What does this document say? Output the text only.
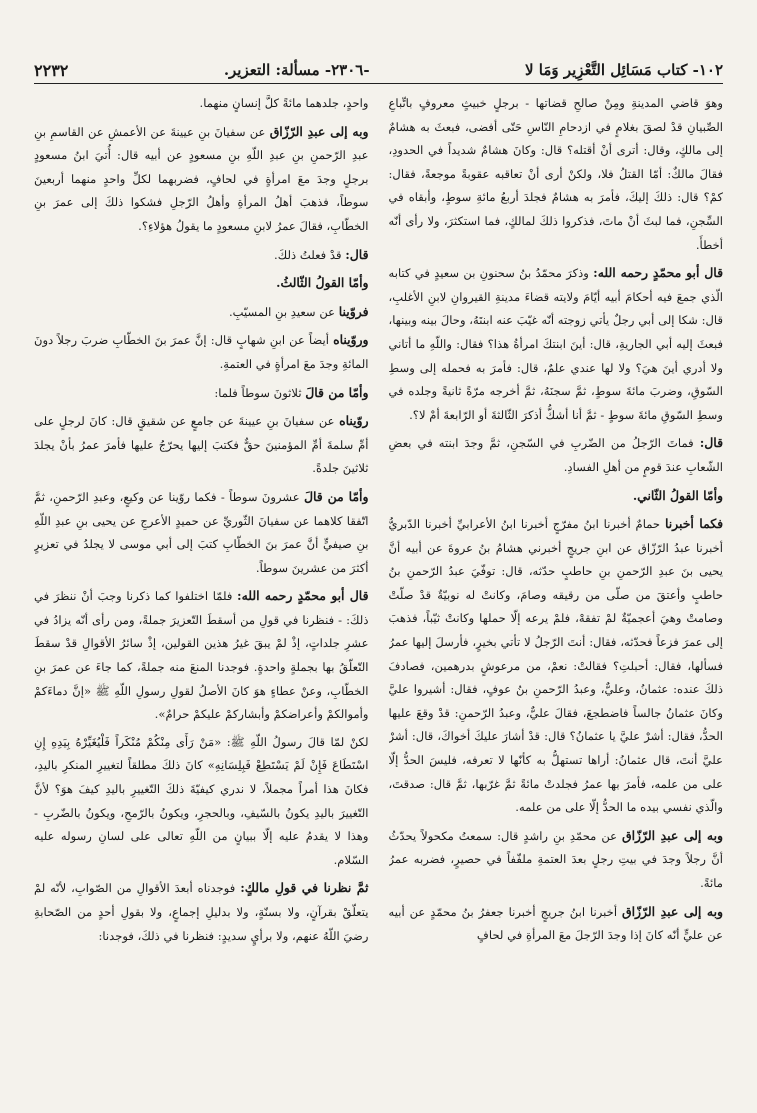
١٠٢- كتاب مَسَائِل التَّعْزِير وَمَا لا
-٢٣٠٦- مسألة: التعزير.
٢٢٣٢

وهوَ قاضي المدينةِ ومِنْ صالحِ قضاتها - برجلٍ خبيثٍ معروفٍ باتِّباعِ الصِّبيانِ قدْ لصقَ بغلامٍ في ازدحامِ النّاسِ حَتّى أفضى، فبعثَ به هشامٌ إلى مالكٍ، وقال: أترى أنْ أقتله؟ قال: وكانَ هشامٌ شديداً في الحدودِ، فقالَ مالكٌ: أمّا القتلُ فلا، ولكنْ أرى أنْ تعاقبه عقوبةً موجعةً، فقال: كمْ؟ قال: ذلكَ إليكَ، فأمرَ به هشامٌ فجلدَ أربعُ مائةِ سوطٍ، وأبقاه في السِّجنِ، فما لبثَ أنْ ماتَ، فذكروا ذلكَ لمالكٍ، فما استكثرَ، ولا رأى أنّه أخطأَ.

قال أبو محمّدٍ رحمه الله: وذكرَ محمّدُ بنُ سحنونِ بن سعيدٍ في كتابه الّذي جمعَ فيه أحكامَ أبيه أيّامَ ولايته قضاءَ مدينةِ القيروانِ لابنِ الأغلبِ، قال: شكا إلى أبي رجلٌ يأتي زوجته أنّه غيّبَ عنه ابنتَهُ، وحالَ بينه وبينها، فبعثَ إليه أبي الجاريةِ، قال: أينَ ابنتكَ امرأةُ هذا؟ فقال: واللّهِ ما أتاني ولا أدري أينَ هيَ؟ ولا لها عندي علمٌ، قال: فأمرَ به فحمله إلى وسطِ السّوقِ، وضربَ مائةَ سوطٍ، ثمَّ سجنَهُ، ثمَّ أخرجه مرّةً ثانيةً وجلده في وسطِ السّوقِ مائةَ سوطٍ - ثمَّ أنا أشكُّ أذكرَ الثّالثةَ أو الرّابعةَ أمْ لا؟.

قال: فماتَ الرّجلُ من الضّربِ في السّجنِ، ثمَّ وجدَ ابنته في بعضِ الشّعابِ عندَ قومٍ من أهلِ الفسادِ.

وأمّا القولُ الثّاني.

فكما أخبرنا حمامٌ أخبرنا ابنُ مفرّجٍ أخبرنا ابنُ الأعرابيِّ أخبرنا الدّبريُّ أخبرنا عبدُ الرّزّاق عن ابنِ جريجٍ أخبرني هشامُ بنُ عروةَ عن أبيه أنَّ يحيى بنَ عبدِ الرّحمنِ بنِ حاطبٍ حدّثه، قال: توفّيَ عبدُ الرّحمنِ بنُ حاطبٍ وأعتقَ من صلّى من رقيقه وصامَ، وكانتْ له نوبيّةٌ قدْ صلّتْ وصامتْ وهيَ أعجميّةٌ لمْ تفقهْ، فلمْ يرعه إلّا حملها وكانتْ ثيّباً، فذهبَ إلى عمرَ فزعاً فحدّثه، فقال: أنتَ الرّجلُ لا تأتي بخيرٍ، فأرسلَ إليها عمرُ فسألها، فقال: أحبلتِ؟ فقالتْ: نعمْ، من مرعوشٍ بدرهمين، فصادفَ ذلكَ عنده: عثمانُ، وعليٌّ، وعبدُ الرّحمنِ بنُ عوفٍ، فقال: أشيروا عليَّ وكانَ عثمانُ جالساً فاضطجعَ، فقالَ عليٌّ، وعبدُ الرّحمنِ: قدْ وقعَ عليها الحدُّ، فقال: أشرْ عليَّ يا عثمانُ؟ قال: قدْ أشارَ عليكَ أخواكَ، قال: أشرْ عليَّ أنتَ، قال عثمانُ: أراها تستهلُّ به كأنّها لا تعرفه، فليسَ الحدُّ إلّا على من علمه، فأمرَ بها عمرُ فجلدتْ مائةً ثمَّ غرّبها، ثمَّ قال: صدقتَ، والّذي نفسي بيده ما الحدُّ إلّا على من علمه.

وبه إلى عبدِ الرّزّاق عن محمّدِ بنِ راشدٍ قال: سمعتُ مكحولاً يحدّثُ أنَّ رجلاً وجدَ في بيتِ رجلٍ بعدَ العتمةِ ملفّفاً في حصيرٍ، فضربه عمرُ مائةً.

وبه إلى عبدِ الرّزّاق أخبرنا ابنُ جريجٍ أخبرنا جعفرُ بنُ محمّدٍ عن أبيه عن عليٍّ أنّه كانَ إذا وجدَ الرّجلَ معَ المرأةِ في لحافٍ

واحدٍ، جلدهما مائةً كلَّ إنسانٍ منهما.

وبه إلى عبدِ الرّزّاق عن سفيانَ بنِ عيينةَ عن الأعمشِ عن القاسمِ بنِ عبدِ الرّحمنِ بنِ عبدِ اللّهِ بنِ مسعودٍ عن أبيه قال: أُتيَ ابنُ مسعودٍ برجلٍ وجدَ معَ امرأةٍ في لحافٍ، فضربهما لكلِّ واحدٍ منهما أربعينَ سوطاً، فذهبَ أهلُ المرأةِ وأهلُ الرّجلِ فشكوا ذلكَ إلى عمرَ بنِ الخطّابِ، فقالَ عمرُ لابنِ مسعودٍ ما يقولُ هؤلاءِ؟.

قال: قدْ فعلتُ ذلكَ.

وأمّا القولُ الثّالثُ.

فروّينا عن سعيدِ بنِ المسيّبِ.

وروّيناه أيضاً عن ابنِ شهابٍ قال: إنَّ عمرَ بنَ الخطّابِ ضربَ رجلاً دونَ المائةِ وجدَ معَ امرأةٍ في العتمةِ.

وأمّا من قالَ ثلاثونَ سوطاً فلما:

روّيناه عن سفيانَ بنِ عيينةَ عن جامعٍ عن شقيقٍ قال: كانَ لرجلٍ على أمِّ سلمةَ أمِّ المؤمنينَ حقٌّ فكتبَ إليها يحرّجُ عليها فأمرَ عمرُ بأنْ يجلدَ ثلاثينَ جلدةً.

وأمّا من قالَ عشرونَ سوطاً - فكما روّينا عن وكيعٍ، وعبدِ الرّحمنِ، ثمَّ اتّفقا كلاهما عن سفيانَ الثّوريِّ عن حميدٍ الأعرجِ عن يحيى بنِ عبدِ اللّهِ بنِ صيفيٍّ أنَّ عمرَ بنَ الخطّابِ كتبَ إلى أبي موسى لا يجلدُ في تعزيرٍ أكثرَ من عشرينَ سوطاً.

قال أبو محمّدٍ رحمه الله: فلمّا اختلفوا كما ذكرنا وجبَ أنْ ننظرَ في ذلكَ: - فنظرنا في قولِ من أسقطَ التّعزيرَ جملةً، ومن رأى أنّه يزادُ في عشرِ جلداتٍ، إذْ لمْ يبقَ غيرُ هذين القولين، إذْ سائرُ الأقوالِ قدْ سقطَ التّعلّقُ بها بجملةٍ واحدةٍ. فوجدنا المنعَ منه جملةً، كما جاءَ عن عمرَ بنِ الخطّابِ، وعنْ عطاءٍ هوَ كانَ الأصلُ لقولِ رسولِ اللّهِ ﷺ «إنَّ دماءَكمْ وأموالكمْ وأعراضكمْ وأبشاركمْ عليكمْ حرامٌ».

لكنْ لمّا قالَ رسولُ اللّهِ ﷺ: «مَنْ رَأَى مِنْكُمْ مُنْكَراً فَلْيُغَيِّرْهُ بِيَدِهِ إِنِ اسْتَطَاعَ فَإِنْ لَمْ يَسْتَطِعْ فَبِلِسَانِهِ» كانَ ذلكَ مطلقاً لتغييرِ المنكرِ باليدِ، فكانَ هذا أمراً مجملاً، لا ندري كيفيّةَ ذلكَ التّغييرِ باليدِ كيفَ هوَ؟ لأنَّ التّغييرَ باليدِ يكونُ بالسّيفِ، وبالحجرِ، ويكونُ بالرّمحِ، ويكونُ بالضّربِ - وهذا لا يقدمُ عليه إلّا ببيانٍ من اللّهِ تعالى على لسانِ رسوله عليه السّلام.

ثمَّ نظرنا في قولِ مالكٍ: فوجدناه أبعدَ الأقوالِ من الصّوابِ، لأنّه لمْ يتعلّقْ بقرآنٍ، ولا بسنّةٍ، ولا بدليلِ إجماعٍ، ولا بقولِ أحدٍ من الصّحابةِ رضيَ اللّهُ عنهم، ولا برأيٍ سديدٍ: فنظرنا في ذلكَ، فوجدنا:
